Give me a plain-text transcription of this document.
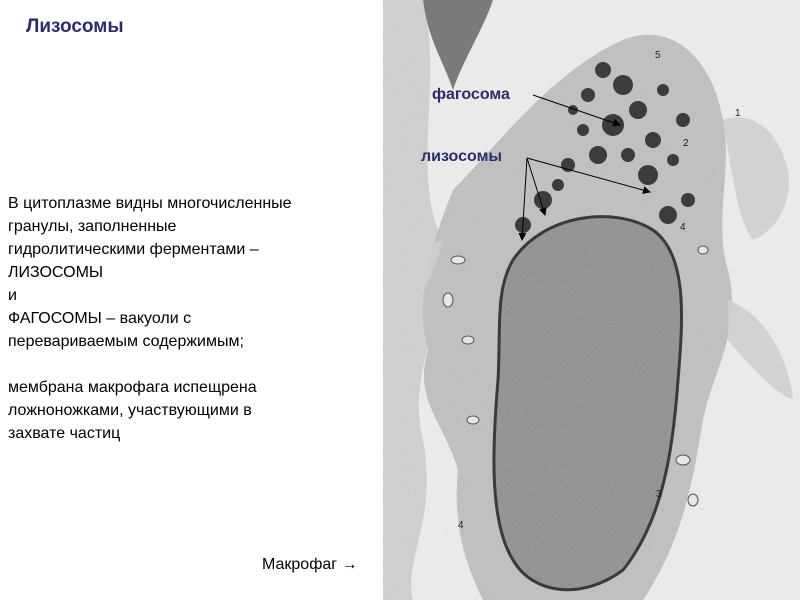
Лизосомы
В цитоплазме видны многочисленные
гранулы, заполненные
гидролитическими ферментами –
ЛИЗОСОМЫ
и
ФАГОСОМЫ – вакуоли с
перевариваемым содержимым;
мембрана макрофага испещрена
ложноножками, участвующими в
захвате частиц
Макрофаг →
1
2
3
4
4
5
фагосома
лизосомы
